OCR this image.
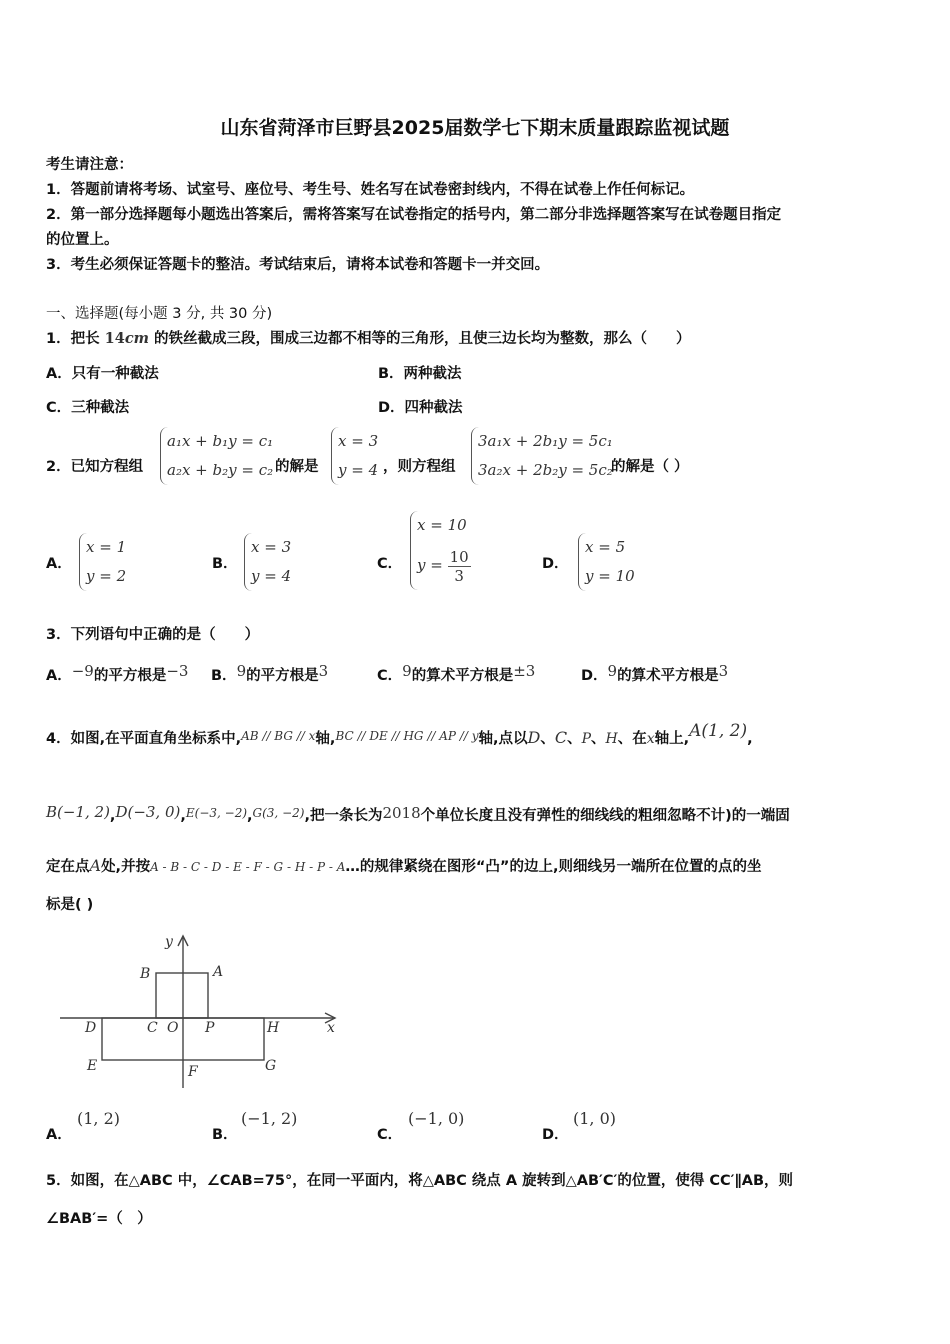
山东省菏泽市巨野县2025届数学七下期末质量跟踪监视试题
考生请注意：
1．答题前请将考场、试室号、座位号、考生号、姓名写在试卷密封线内，不得在试卷上作任何标记。
2．第一部分选择题每小题选出答案后，需将答案写在试卷指定的括号内，第二部分非选择题答案写在试卷题目指定
的位置上。
3．考生必须保证答题卡的整洁。考试结束后，请将本试卷和答题卡一并交回。
一、选择题(每小题 3 分, 共 30 分)
1．把长 14cm 的铁丝截成三段，围成三边都不相等的三角形，且使三边长均为整数，那么（　　）
A．只有一种截法	B．两种截法
C．三种截法	D．四种截法
2．已知方程组
a₁x + b₁y = c₁
a₂x + b₂y = c₂ 的解是
x = 3
y = 4 ，则方程组
3a₁x + 2b₁y = 5c₁
3a₂x + 2b₂y = 5c₂
的解是（ ）
A．
x = 1
y = 2
B．
x = 3
y = 4
C．
x = 10
$y = \frac{10}{3}$	D．
x = 5
y = 10
3．下列语句中正确的是（　　）
A．−9的平方根是−3 B．9的平方根是3	C．9的算术平方根是±3	D．9的算术平方根是3
4．如图,在平面直角坐标系中,$^{AB // BG // x}$轴,$^{BC // DE // HG // AP // y}$轴,点以D、C、P、H、在x轴上,A(1, 2),
B(−1, 2),D(−3, 0),$^{E(-3, -2)}$,$^{G(3, -2)}$,把一条长为2018个单位长度且没有弹性的细线线的粗细忽略不计)的一端固
定在点A处,并按A - B - C - D - E - F - G - H - P - A…的规律紧绕在图形“凸”的边上,则细线另一端所在位置的点的坐
标是( )
y
x
A
B
C O P
D	H
E	F	G
A．
(1, 2)
B．
(−1, 2)
C．
(−1, 0)
D．
(1, 0)
5．如图，在△ABC 中，∠CAB=75°，在同一平面内，将△ABC 绕点 A 旋转到△AB′C′的位置，使得 CC′∥AB，则
∠BAB′=（　）
